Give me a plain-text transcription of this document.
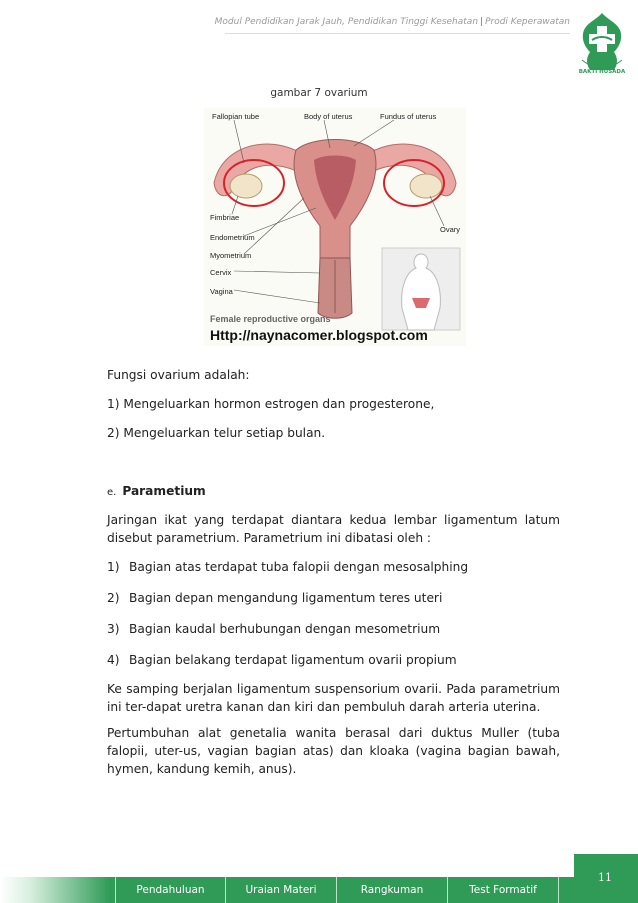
Modul Pendidikan Jarak Jauh, Pendidikan Tinggi Kesehatan | Prodi Keperawatan
BAKTI HUSADA
gambar 7 ovarium
Fallopian tube	Body of uterus	Fundus of uterus
Fimbriae
Endometrium
Myometrium
Cervix
Vagina
Ovary
Female reproductive organs
Http://naynacomer.blogspot.com
Fungsi ovarium adalah:
1) Mengeluarkan hormon estrogen dan progesterone,
2) Mengeluarkan telur setiap bulan.
e. Parametium
Jaringan ikat yang terdapat diantara kedua lembar ligamentum latum disebut parametrium. Parametrium ini dibatasi oleh :
1) Bagian atas terdapat tuba falopii dengan mesosalphing
2) Bagian depan mengandung ligamentum teres uteri
3) Bagian kaudal berhubungan dengan mesometrium
4) Bagian belakang terdapat ligamentum ovarii propium
Ke samping berjalan ligamentum suspensorium ovarii. Pada parametrium ini ter-dapat uretra kanan dan kiri dan pembuluh darah arteria uterina.
Pertumbuhan alat genetalia wanita berasal dari duktus Muller (tuba falopii, uter-us, vagian bagian atas) dan kloaka (vagina bagian bawah, hymen, kandung kemih, anus).
Pendahuluan	Uraian Materi	Rangkuman	Test Formatif
11
